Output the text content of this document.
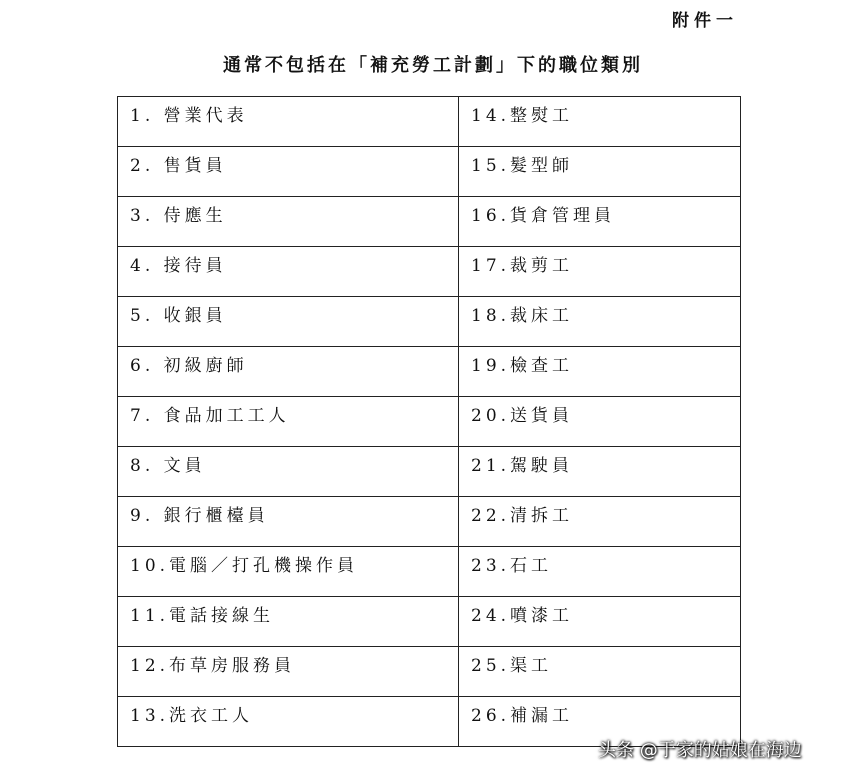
附件一
通常不包括在「補充勞工計劃」下的職位類別
1. 營業代表	14.整熨工
2. 售貨員	15.髮型師
3. 侍應生	16.貨倉管理員
4. 接待員	17.裁剪工
5. 收銀員	18.裁床工
6. 初級廚師	19.檢查工
7. 食品加工工人	20.送貨員
8. 文員	21.駕駛員
9. 銀行櫃檯員	22.清拆工
10.電腦／打孔機操作員	23.石工
11.電話接線生	24.噴漆工
12.布草房服務員	25.渠工
13.洗衣工人	26.補漏工
头条 @于家的姑娘在海边
